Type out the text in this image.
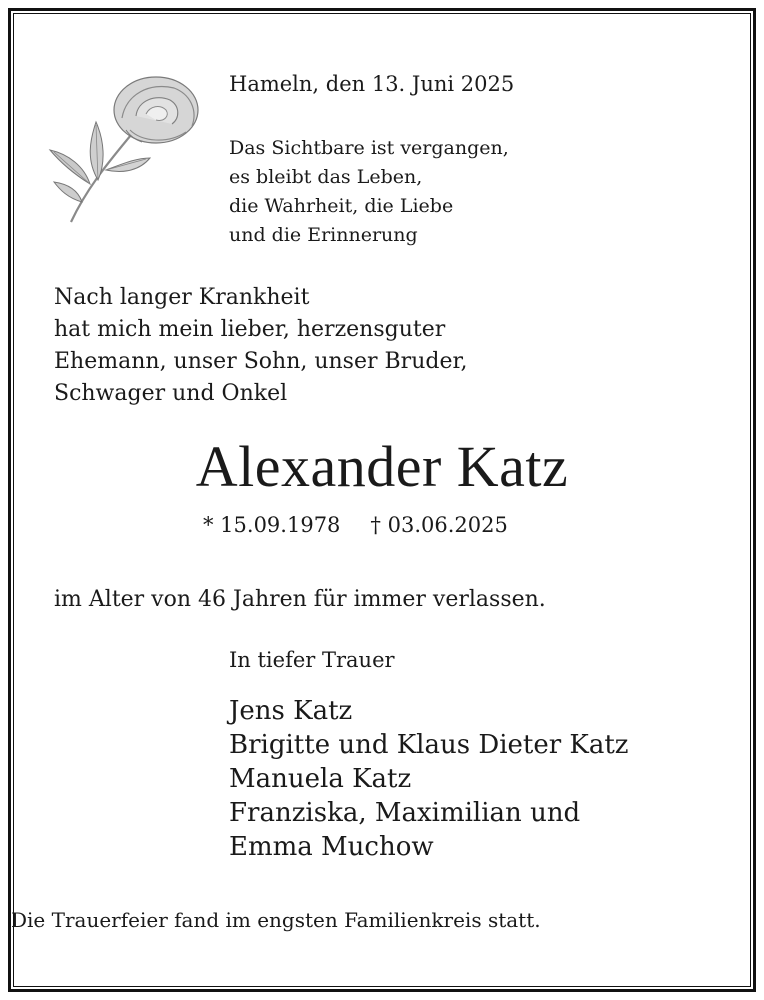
Hameln, den 13. Juni 2025
Das Sichtbare ist vergangen,
es bleibt das Leben,
die Wahrheit, die Liebe
und die Erinnerung
Nach langer Krankheit
hat mich mein lieber, herzensguter
Ehemann, unser Sohn, unser Bruder,
Schwager und Onkel
Alexander Katz
* 15.09.1978 † 03.06.2025
im Alter von 46 Jahren für immer verlassen.
In tiefer Trauer
Jens Katz
Brigitte und Klaus Dieter Katz
Manuela Katz
Franziska, Maximilian und
Emma Muchow
Die Trauerfeier fand im engsten Familienkreis statt.
